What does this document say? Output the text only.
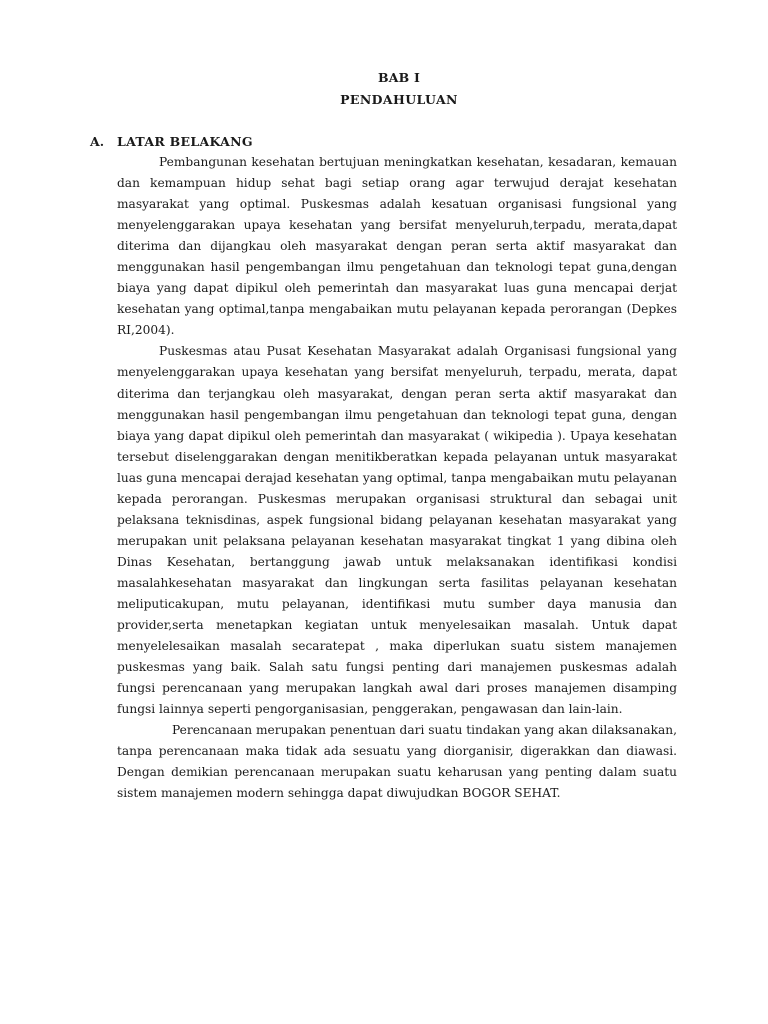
BAB I
PENDAHULUAN
A. LATAR BELAKANG

Pembangunan kesehatan bertujuan meningkatkan kesehatan, kesadaran, kemauan dan kemampuan hidup sehat bagi setiap orang agar terwujud derajat kesehatan masyarakat yang optimal. Puskesmas adalah kesatuan organisasi fungsional yang menyelenggarakan upaya kesehatan yang bersifat menyeluruh,terpadu, merata,dapat diterima dan dijangkau oleh masyarakat dengan peran serta aktif masyarakat dan menggunakan hasil pengembangan ilmu pengetahuan dan teknologi tepat guna,dengan biaya yang dapat dipikul oleh pemerintah dan masyarakat luas guna mencapai derjat kesehatan yang optimal,tanpa mengabaikan mutu pelayanan kepada perorangan (Depkes RI,2004).

Puskesmas atau Pusat Kesehatan Masyarakat adalah Organisasi fungsional yang menyelenggarakan upaya kesehatan yang bersifat menyeluruh, terpadu, merata, dapat diterima dan terjangkau oleh masyarakat, dengan peran serta aktif masyarakat dan menggunakan hasil pengembangan ilmu pengetahuan dan teknologi tepat guna, dengan biaya yang dapat dipikul oleh pemerintah dan masyarakat ( wikipedia ). Upaya kesehatan tersebut diselenggarakan dengan menitikberatkan kepada pelayanan untuk masyarakat luas guna mencapai derajad kesehatan yang optimal, tanpa mengabaikan mutu pelayanan kepada perorangan. Puskesmas merupakan organisasi struktural dan sebagai unit pelaksana teknisdinas, aspek fungsional bidang pelayanan kesehatan masyarakat yang merupakan unit pelaksana pelayanan kesehatan masyarakat tingkat 1 yang dibina oleh Dinas Kesehatan, bertanggung jawab untuk melaksanakan identifikasi kondisi masalahkesehatan masyarakat dan lingkungan serta fasilitas pelayanan kesehatan meliputicakupan, mutu pelayanan, identifikasi mutu sumber daya manusia dan provider,serta menetapkan kegiatan untuk menyelesaikan masalah. Untuk dapat menyelelesaikan masalah secaratepat , maka diperlukan suatu sistem manajemen puskesmas yang baik. Salah satu fungsi penting dari manajemen puskesmas adalah fungsi perencanaan yang merupakan langkah awal dari proses manajemen disamping fungsi lainnya seperti pengorganisasian, penggerakan, pengawasan dan lain-lain.

Perencanaan merupakan penentuan dari suatu tindakan yang akan dilaksanakan, tanpa perencanaan maka tidak ada sesuatu yang diorganisir, digerakkan dan diawasi. Dengan demikian perencanaan merupakan suatu keharusan yang penting dalam suatu sistem manajemen modern sehingga dapat diwujudkan BOGOR SEHAT.
